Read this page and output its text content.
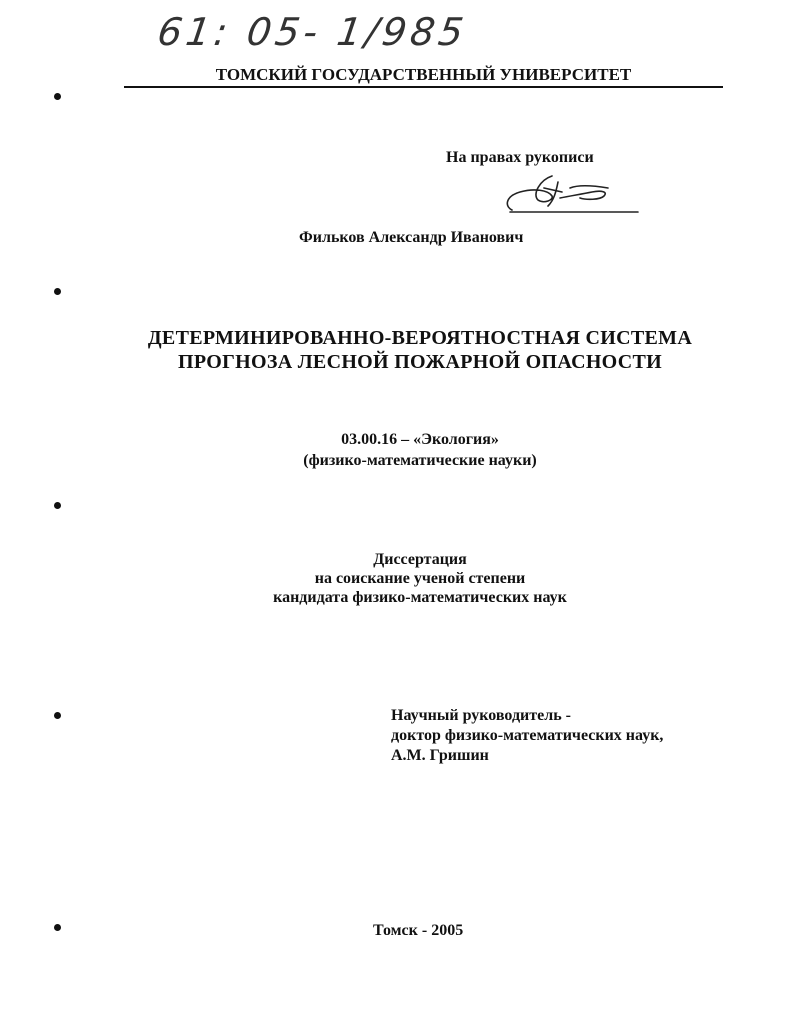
61: 05- 1/985
ТОМСКИЙ ГОСУДАРСТВЕННЫЙ УНИВЕРСИТЕТ
На правах рукописи
Фильков Александр Иванович
ДЕТЕРМИНИРОВАННО-ВЕРОЯТНОСТНАЯ СИСТЕМА
ПРОГНОЗА ЛЕСНОЙ ПОЖАРНОЙ ОПАСНОСТИ
03.00.16 – «Экология»
(физико-математические науки)
Диссертация
на соискание ученой степени
кандидата физико-математических наук
Научный руководитель -
доктор физико-математических наук,
А.М. Гришин
Томск - 2005
